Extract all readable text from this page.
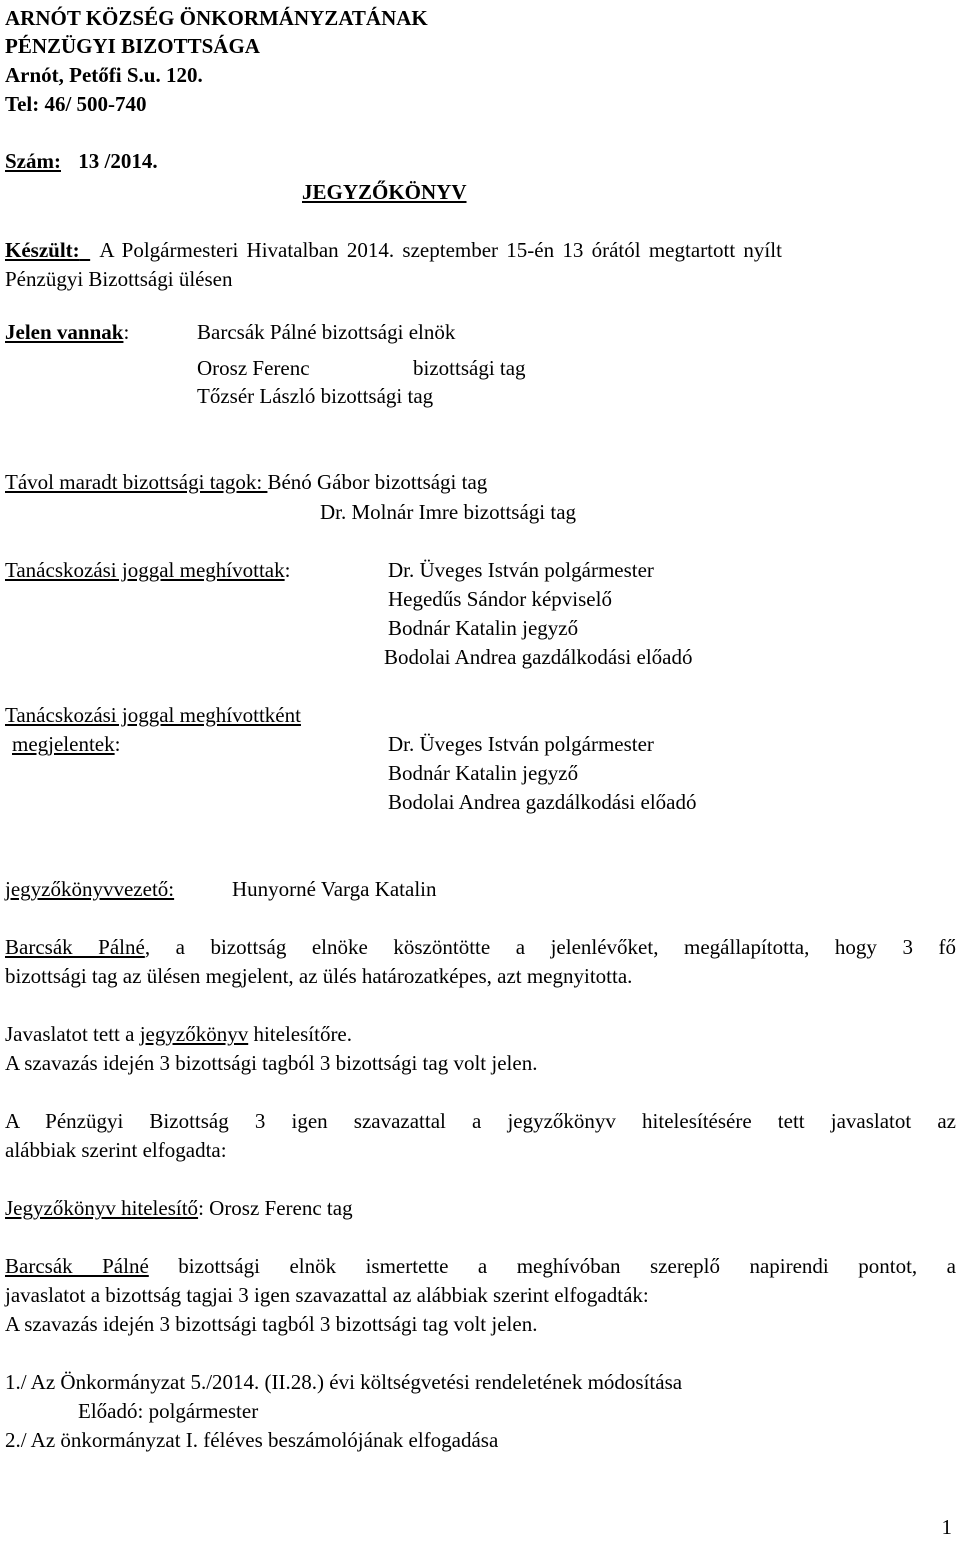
ARNÓT KÖZSÉG ÖNKORMÁNYZATÁNAK
PÉNZÜGYI BIZOTTSÁGA
Arnót, Petőfi S.u. 120.
Tel: 46/ 500-740
Szám: 13 /2014.
JEGYZŐKÖNYV
Készült: A Polgármesteri Hivatalban 2014. szeptember 15-én 13 órától megtartott nyílt
Pénzügyi Bizottsági ülésen
Jelen vannak:	Barcsák Pálné bizottsági elnök
Orosz Ferenc	bizottsági tag
Tőzsér László bizottsági tag
Távol maradt bizottsági tagok: Bénó Gábor bizottsági tag
Dr. Molnár Imre bizottsági tag
Tanácskozási joggal meghívottak:	Dr. Üveges István polgármester
Hegedűs Sándor képviselő
Bodnár Katalin jegyző
Bodolai Andrea gazdálkodási előadó
Tanácskozási joggal meghívottként
megjelentek:	Dr. Üveges István polgármester
Bodnár Katalin jegyző
Bodolai Andrea gazdálkodási előadó
jegyzőkönyvvezető:	Hunyorné Varga Katalin
Barcsák Pálné, a bizottság elnöke köszöntötte a jelenlévőket, megállapította, hogy 3 fő
bizottsági tag az ülésen megjelent, az ülés határozatképes, azt megnyitotta.
Javaslatot tett a jegyzőkönyv hitelesítőre.
A szavazás idején 3 bizottsági tagból 3 bizottsági tag volt jelen.
A Pénzügyi Bizottság 3 igen szavazattal a jegyzőkönyv hitelesítésére tett javaslatot az
alábbiak szerint elfogadta:
Jegyzőkönyv hitelesítő: Orosz Ferenc tag
Barcsák Pálné bizottsági elnök ismertette a meghívóban szereplő napirendi pontot, a
javaslatot a bizottság tagjai 3 igen szavazattal az alábbiak szerint elfogadták:
A szavazás idején 3 bizottsági tagból 3 bizottsági tag volt jelen.
1./ Az Önkormányzat 5./2014. (II.28.) évi költségvetési rendeletének módosítása
Előadó: polgármester
2./ Az önkormányzat I. féléves beszámolójának elfogadása
1
